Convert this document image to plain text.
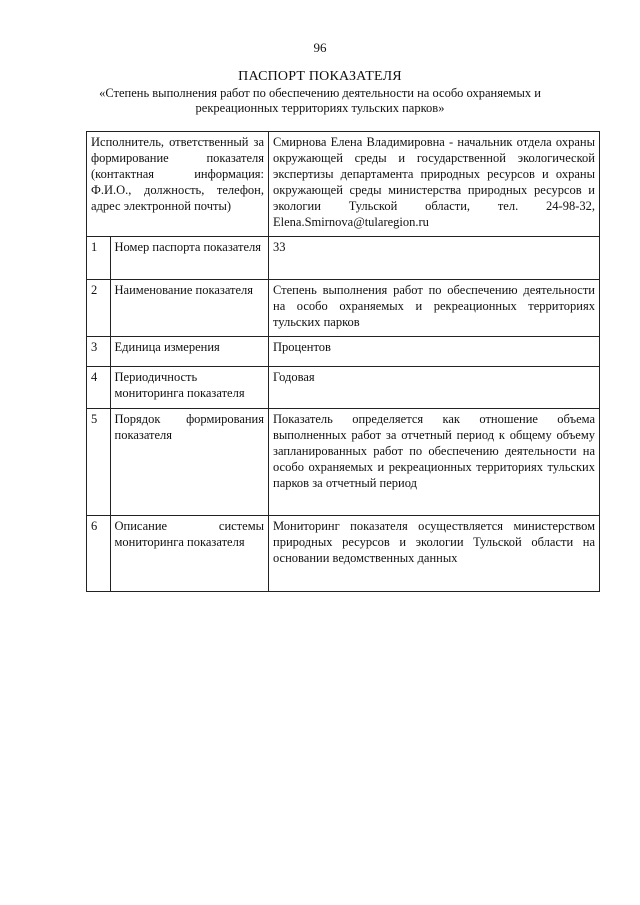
96
ПАСПОРТ ПОКАЗАТЕЛЯ
«Степень выполнения работ по обеспечению деятельности на особо охраняемых и рекреационных территориях тульских парков»
Исполнитель, ответственный за формирование показателя (контактная информация: Ф.И.О., должность, телефон, адрес электронной почты)		Смирнова Елена Владимировна - начальник отдела охраны окружающей среды и государственной экологической экспертизы департамента природных ресурсов и охраны окружающей среды министерства природных ресурсов и экологии Тульской области, тел. 24-98-32, Elena.Smirnova@tularegion.ru
1	Номер паспорта показателя	33
2	Наименование показателя	Степень выполнения работ по обеспечению деятельности на особо охраняемых и рекреационных территориях тульских парков
3	Единица измерения	Процентов
4	Периодичность мониторинга показателя	Годовая
5	Порядок формирования показателя	Показатель определяется как отношение объема выполненных работ за отчетный период к общему объему запланированных работ по обеспечению деятельности на особо охраняемых и рекреационных территориях тульских парков за отчетный период
6	Описание системы мониторинга показателя	Мониторинг показателя осуществляется министерством природных ресурсов и экологии Тульской области на основании ведомственных данных
